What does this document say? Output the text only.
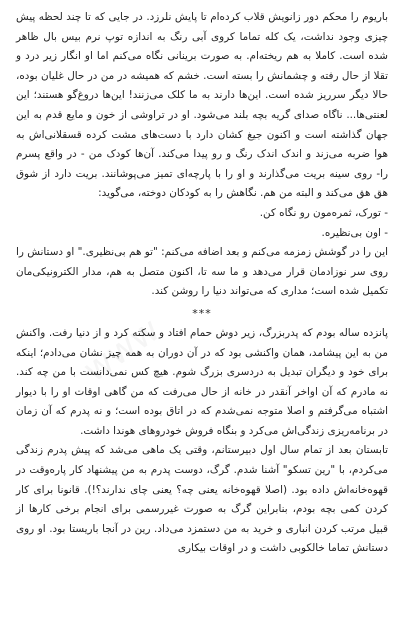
www

باریوم را محکم دور زانویش قلاب کرده‌ام تا پایش نلرزد. در جایی که تا چند لحظه پیش چیزی وجود نداشت، یک کله تماما کروی آبی رنگ به اندازه توپ نرم بیس بال ظاهر شده است. کاملا به هم ریخته‌ام. به صورت برینانی نگاه می‌کنم اما او انگار زیر درد و تقلا از حال رفته و چشمانش را بسته است. خشم که همیشه در من در حال غلیان بوده، حالا دیگر سرریز شده است. این‌ها دارند به ما کلک می‌زنند! این‌ها دروغ‌گو هستند؛ این لعنتی‌ها... ناگاه صدای گریه بچه بلند می‌شود. او در تراوشی از خون و مایع قدم به این جهان گذاشته است و اکنون جیغ کشان دارد با دست‌های مشت کرده قسقلانی‌اش به هوا ضربه می‌زند و اندک اندک رنگ و رو پیدا می‌کند. آن‌ها کودک من - در واقع پسرم را- روی سینه بریت می‌گذارند و او را با پارچه‌ای تمیز می‌پوشانند. بریت دارد از شوق هق هق می‌کند و البته من هم. نگاهش را به کودکان دوخته، می‌گوید:

- تورک، ثمره‌مون رو نگاه کن.

- اون بی‌نظیره.

این را در گوشش زمزمه می‌کنم و بعد اضافه می‌کنم: "تو هم بی‌نظیری." او دستانش را روی سر نوزادمان قرار می‌دهد و ما سه تا، اکنون متصل به هم، مدار الکترونیکی‌مان تکمیل شده است؛ مداری که می‌تواند دنیا را روشن کند.

***

پانزده ساله بودم که پدربزرگ، زیر دوش حمام افتاد و سکته کرد و از دنیا رفت. واکنش من به این پیشامد، همان واکنشی بود که در آن دوران به همه چیز نشان می‌دادم؛ اینکه برای خود و دیگران تبدیل به دردسری بزرگ شوم. هیچ کس نمی‌دانست با من چه کند. نه مادرم که آن اواخر آنقدر در خانه از حال می‌رفت که من گاهی اوقات او را با دیوار اشتباه می‌گرفتم و اصلا متوجه نمی‌شدم که در اتاق بوده است؛ و نه پدرم که آن زمان در برنامه‌ریزی زندگی‌اش می‌کرد و بنگاه فروش خودروهای هوندا داشت.

تابستان بعد از تمام سال اول دبیرستانم، وقتی یک ماهی می‌شد که پیش پدرم زندگی می‌کردم، با "رین تسکو" آشنا شدم. گرگ، دوست پدرم به من پیشنهاد کار پاره‌وقت در قهوه‌خانه‌اش داده بود. (اصلا قهوه‌خانه یعنی چه؟ یعنی چای ندارند؟!). قانونا برای کار کردن کمی بچه بودم، بنابراین گرگ به صورت غیررسمی برای انجام برخی کارها از قبیل مرتب کردن انباری و خرید به من دستمزد می‌داد. رین در آنجا باریستا بود. او روی دستانش تماما خالکوبی داشت و در اوقات بیکاری
